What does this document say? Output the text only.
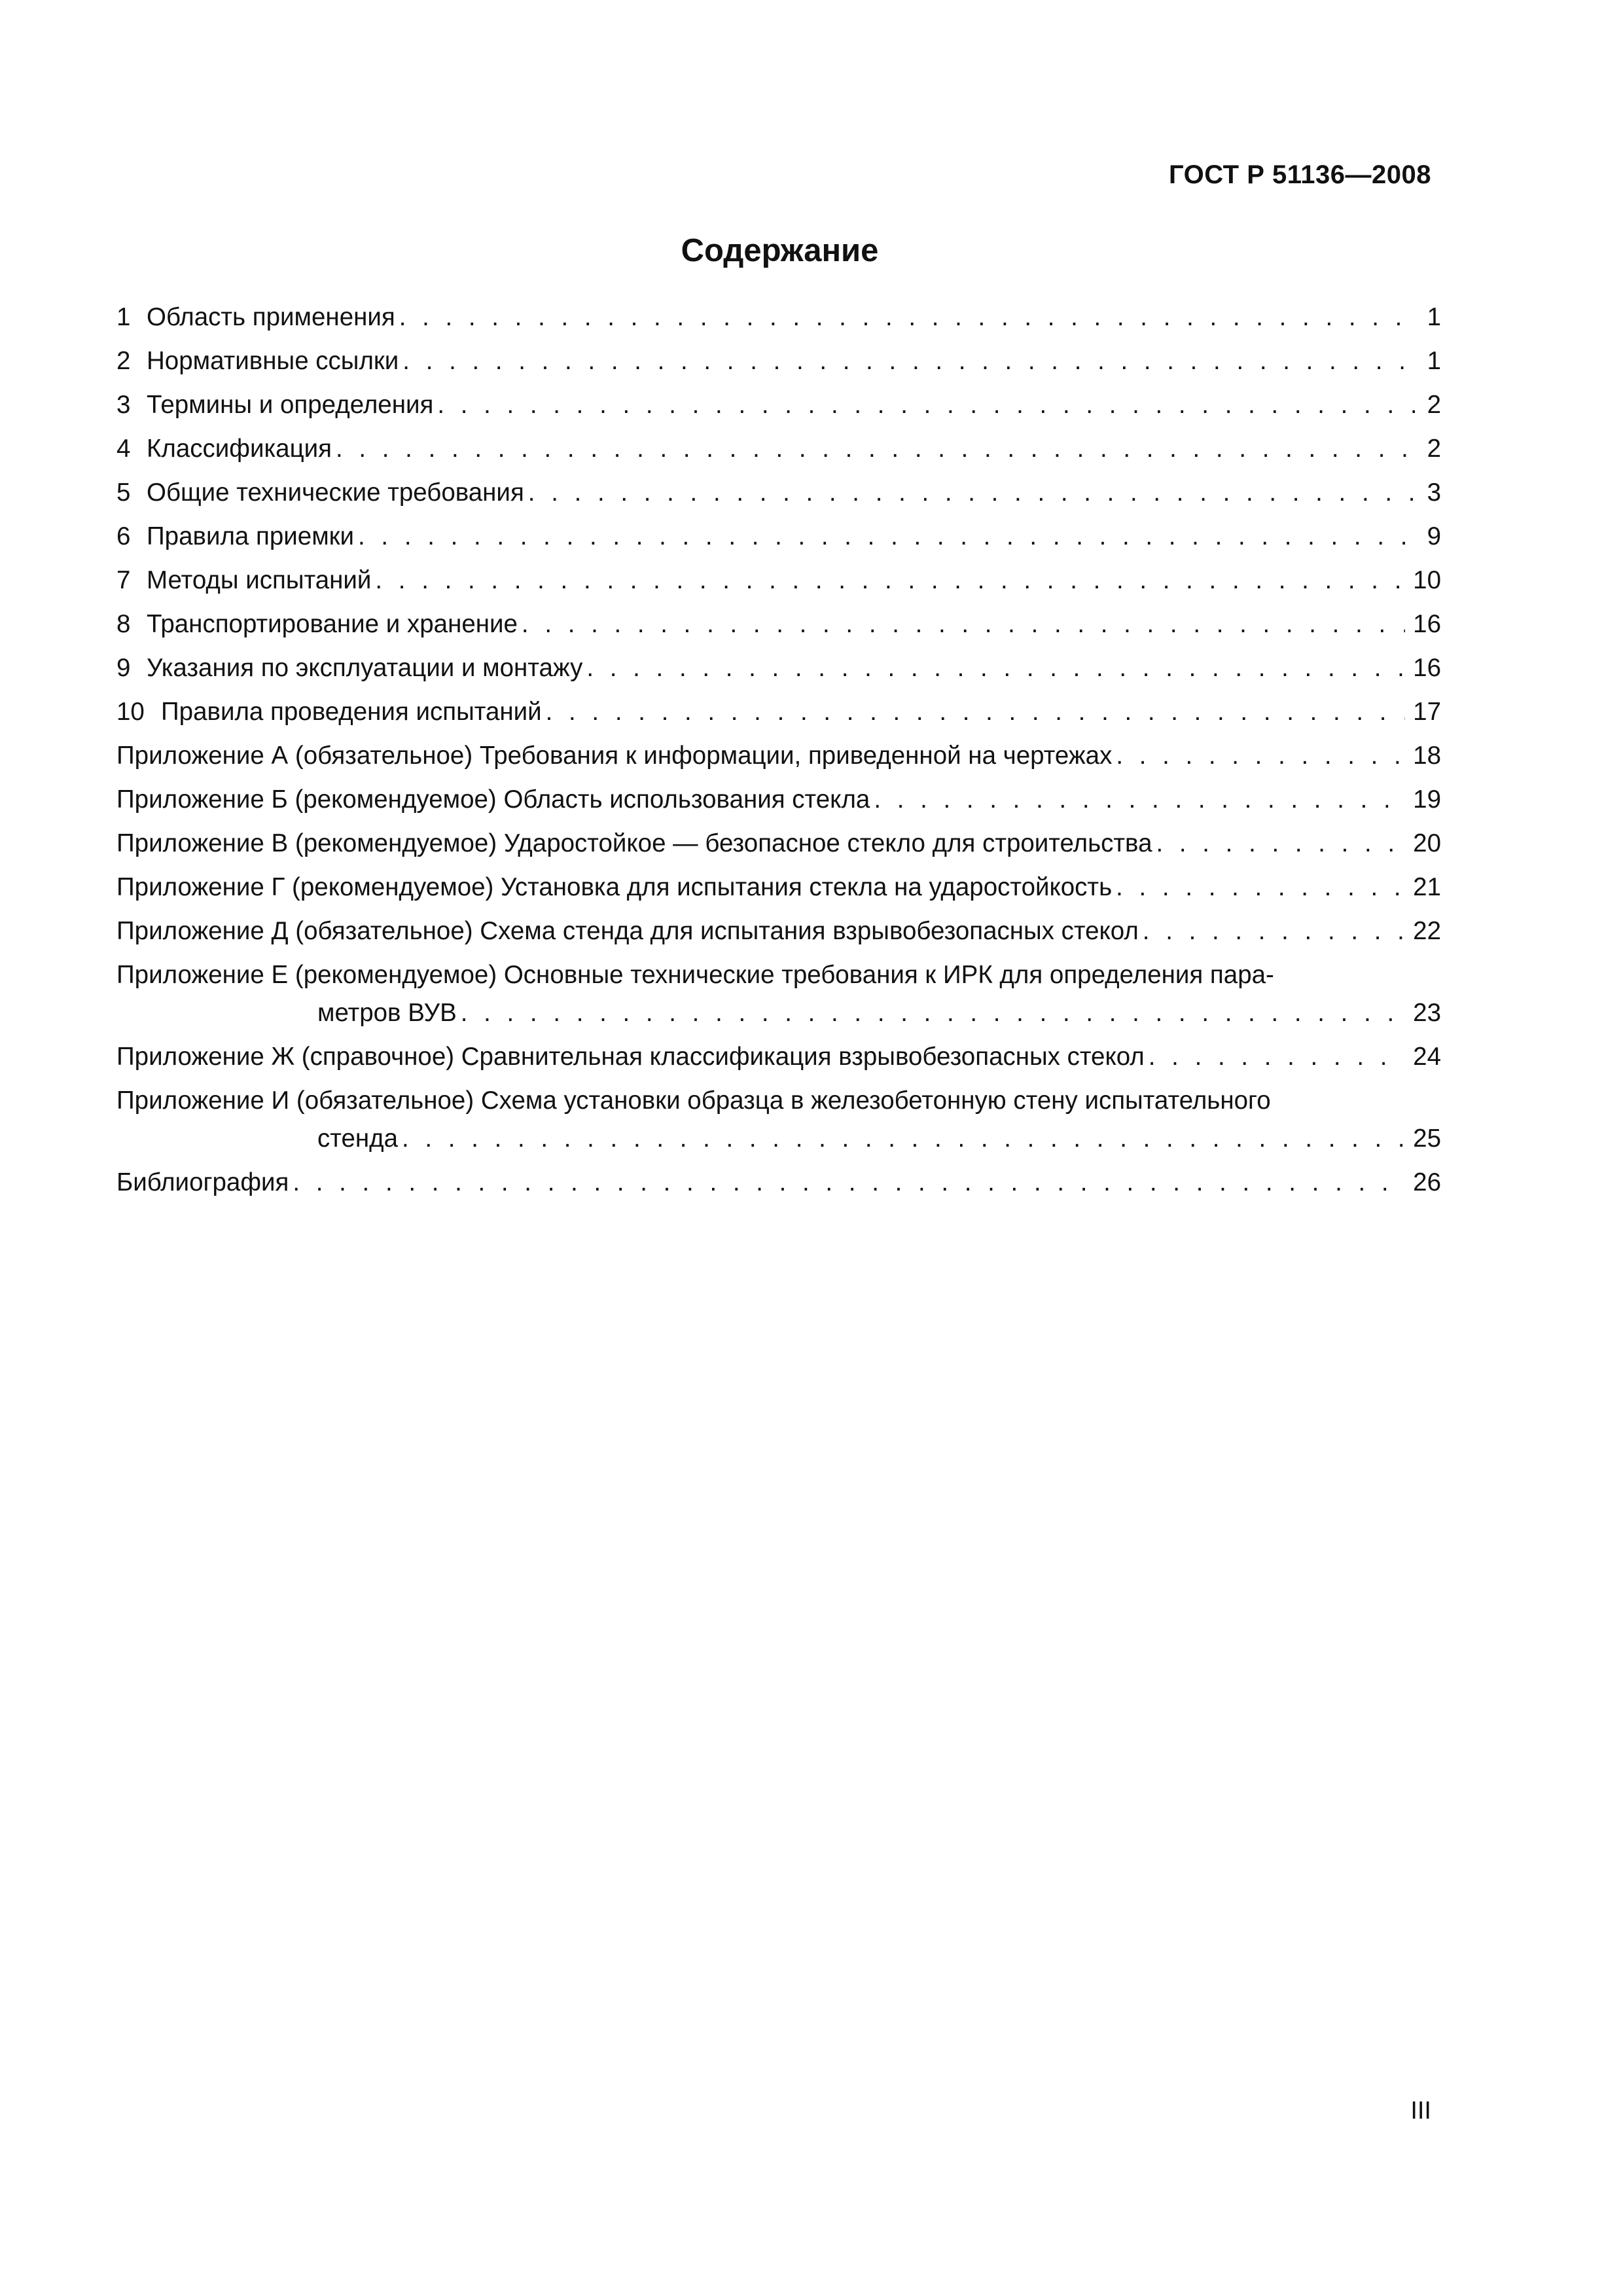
ГОСТ Р 51136—2008
Содержание
1 Область применения . . .	1
2 Нормативные ссылки . . .	1
3 Термины и определения . . .	2
4 Классификация . . .	2
5 Общие технические требования . . .	3
6 Правила приемки . . .	9
7 Методы испытаний . . .	10
8 Транспортирование и хранение . . .	16
9 Указания по эксплуатации и монтажу . . .	16
10 Правила проведения испытаний . . .	17
Приложение А (обязательное) Требования к информации, приведенной на чертежах . . .	18
Приложение Б (рекомендуемое) Область использования стекла . . .	19
Приложение В (рекомендуемое) Ударостойкое — безопасное стекло для строительства . . .	20
Приложение Г (рекомендуемое) Установка для испытания стекла на ударостойкость . . .	21
Приложение Д (обязательное) Схема стенда для испытания взрывобезопасных стекол . . .	22
Приложение Е (рекомендуемое) Основные технические требования к ИРК для определения пара-
метров ВУВ . . .	23
Приложение Ж (справочное) Сравнительная классификация взрывобезопасных стекол . . .	24
Приложение И (обязательное) Схема установки образца в железобетонную стену испытательного
стенда . . .	25
Библиография . . .	26
III
